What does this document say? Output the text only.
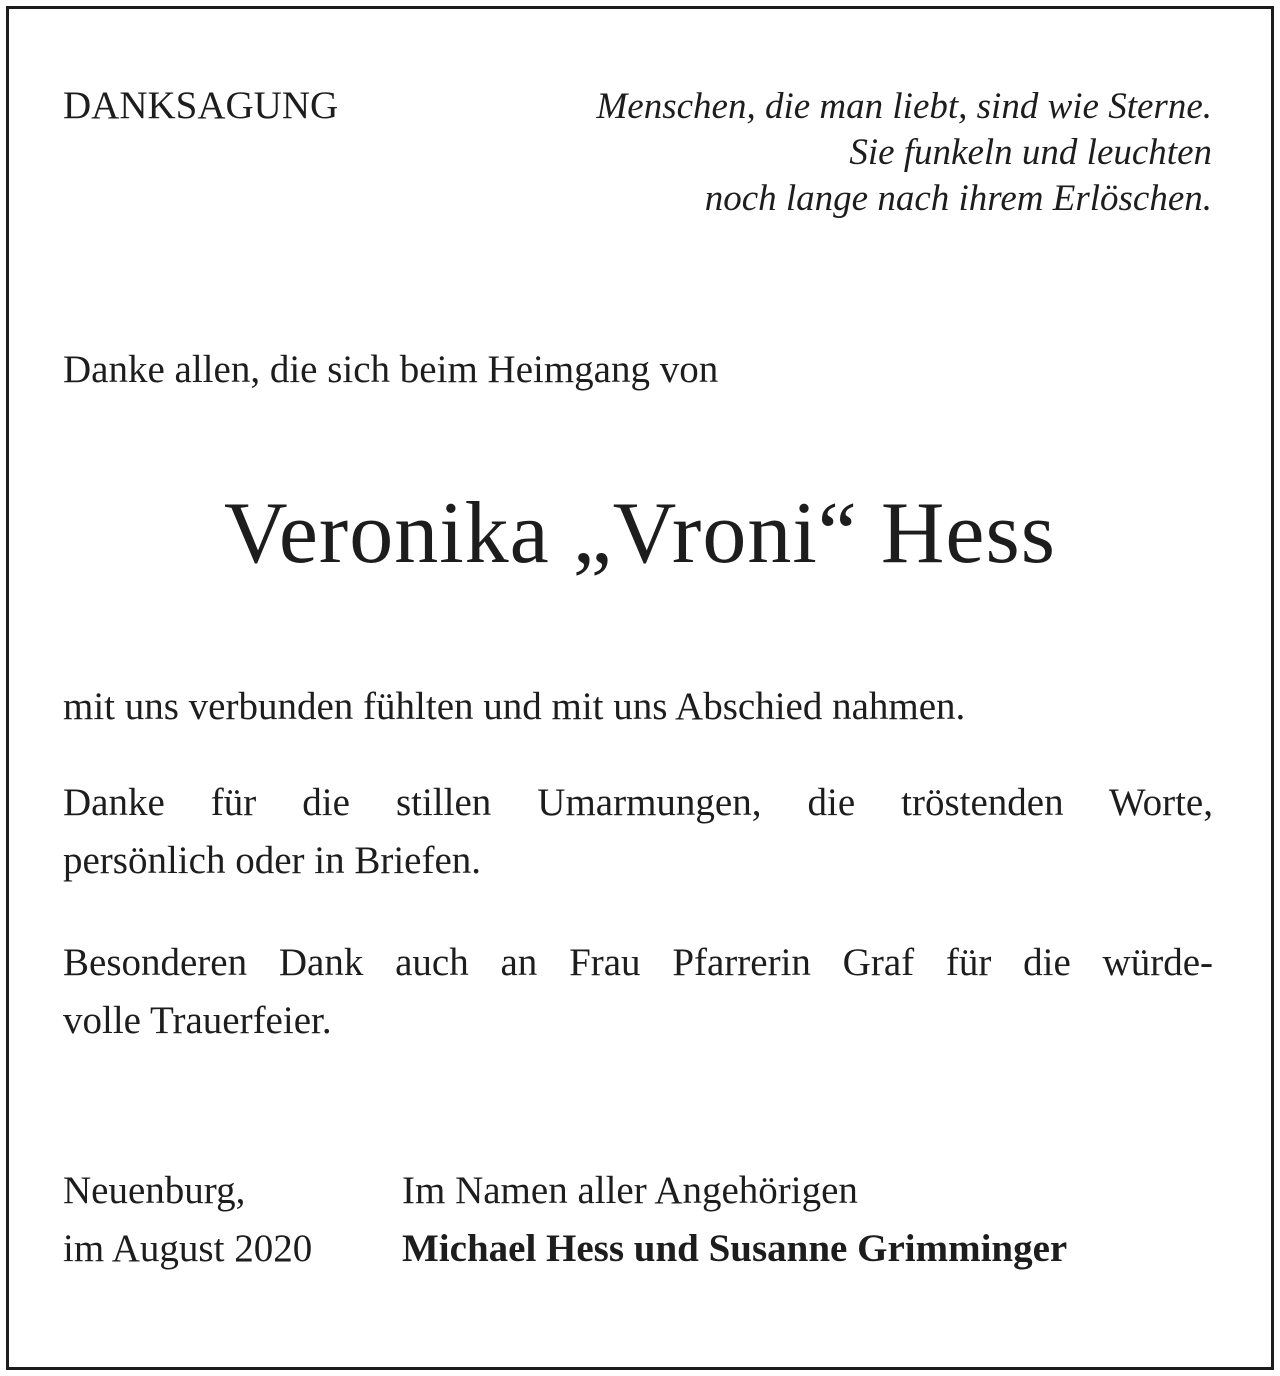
DANKSAGUNG	Menschen, die man liebt, sind wie Sterne.
Sie funkeln und leuchten
noch lange nach ihrem Erlöschen.

Danke allen, die sich beim Heimgang von

Veronika „Vroni“ Hess

mit uns verbunden fühlten und mit uns Abschied nahmen.

Danke für die stillen Umarmungen, die tröstenden Worte,
persönlich oder in Briefen.
Besonderen Dank auch an Frau Pfarrerin Graf für die würde-
volle Trauerfeier.
Neuenburg,
im August 2020
Im Namen aller Angehörigen
Michael Hess und Susanne Grimminger
